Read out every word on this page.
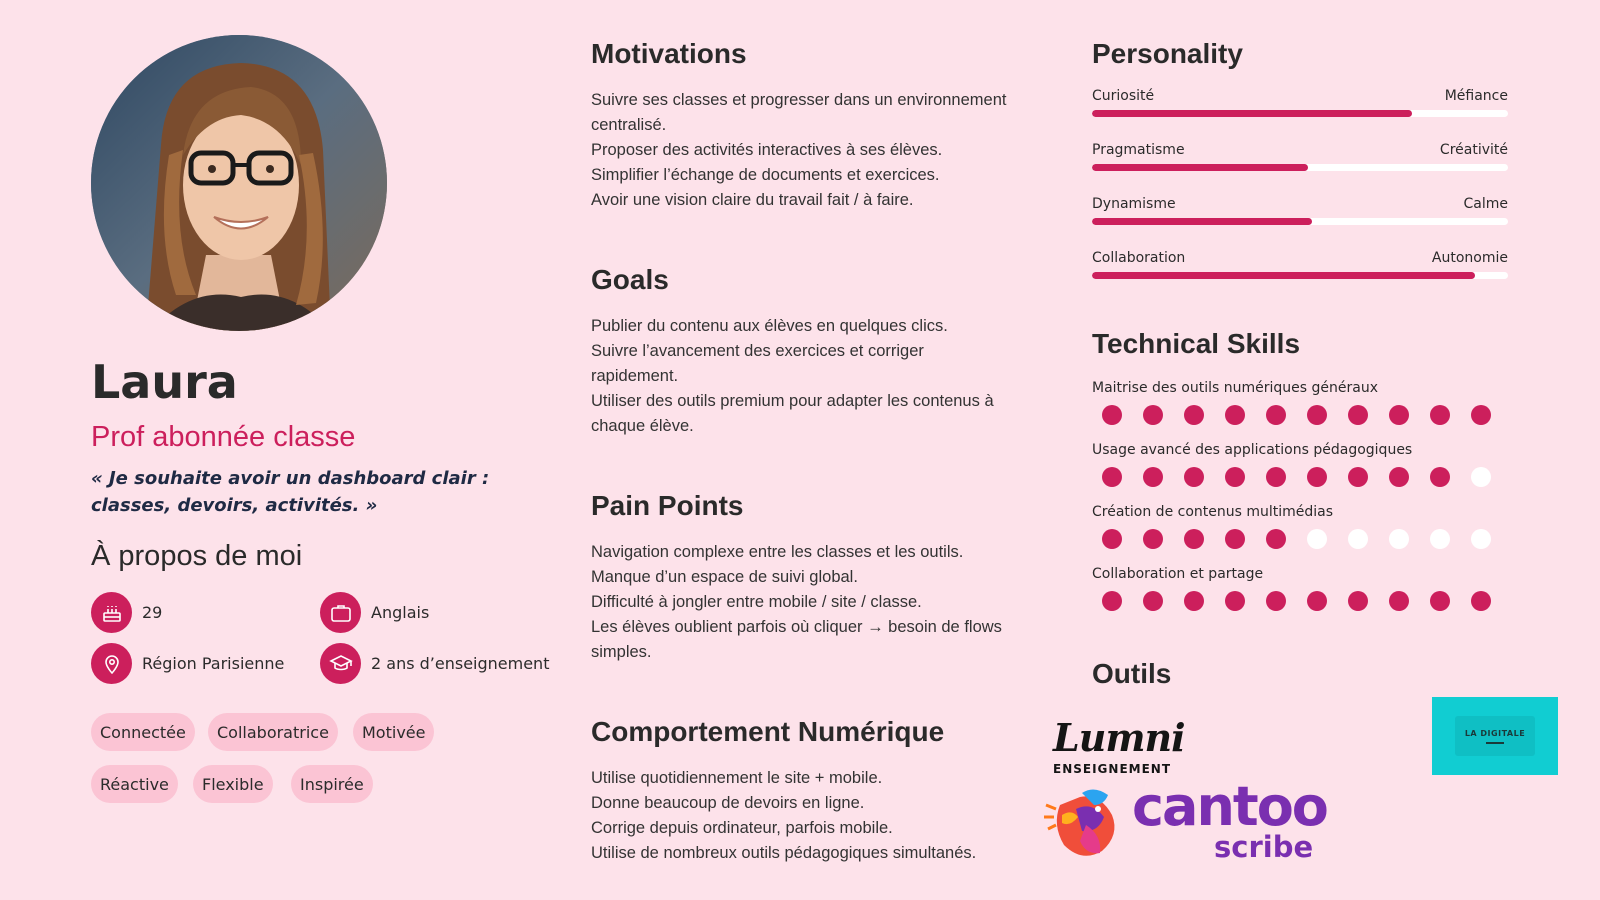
Laura
Prof abonnée classe
« Je souhaite avoir un dashboard clair : classes, devoirs, activités. »
À propos de moi
29	Anglais
Région Parisienne	2 ans d’enseignement
Connectée	Collaboratrice	Motivée
Réactive	Flexible	Inspirée
Motivations
Suivre ses classes et progresser dans un environnement centralisé.
Proposer des activités interactives à ses élèves.
Simplifier l’échange de documents et exercices.
Avoir une vision claire du travail fait / à faire.
Goals
Publier du contenu aux élèves en quelques clics.
Suivre l’avancement des exercices et corriger rapidement.
Utiliser des outils premium pour adapter les contenus à chaque élève.
Pain Points
Navigation complexe entre les classes et les outils.
Manque d’un espace de suivi global.
Difficulté à jongler entre mobile / site / classe.
Les élèves oublient parfois où cliquer → besoin de flows simples.
Comportement Numérique
Utilise quotidiennement le site + mobile.
Donne beaucoup de devoirs en ligne.
Corrige depuis ordinateur, parfois mobile.
Utilise de nombreux outils pédagogiques simultanés.
Personality
Curiosité	Méfiance
Pragmatisme	Créativité
Dynamisme	Calme
Collaboration	Autonomie
Technical Skills
Maitrise des outils numériques généraux
Usage avancé des applications pédagogiques
Création de contenus multimédias
Collaboration et partage
Outils
Lumni
ENSEIGNEMENT
cantoo
scribe
LA DIGITALE
